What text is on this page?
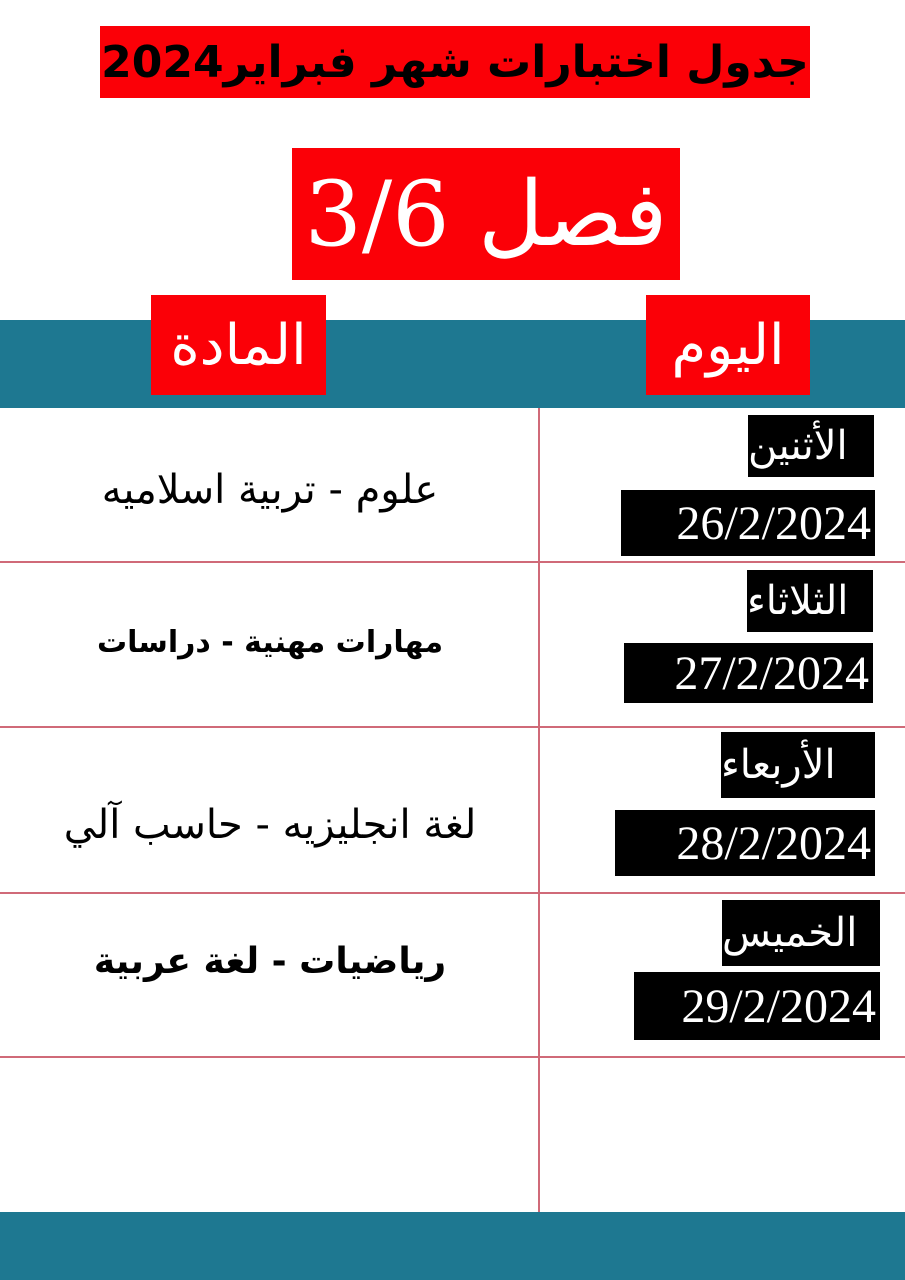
جدول اختبارات شهر فبراير2024
فصل 3/6
المادة	اليوم
علوم - تربية اسلاميه
الأثنين
26/2/2024
مهارات مهنية - دراسات
الثلاثاء
27/2/2024
لغة انجليزيه - حاسب آلي
الأربعاء
28/2/2024
رياضيات - لغة عربية
الخميس
29/2/2024
